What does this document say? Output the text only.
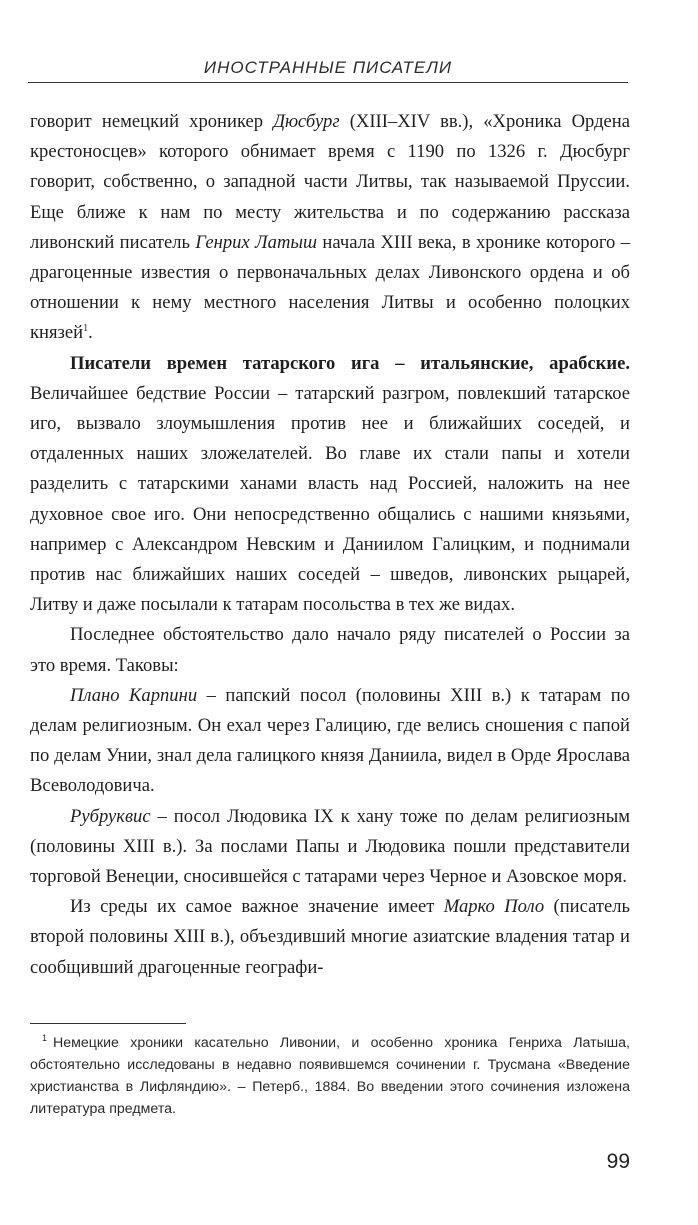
ИНОСТРАННЫЕ ПИСАТЕЛИ

говорит немецкий хроникер Дюсбург (XIII–XIV вв.), «Хроника Ордена крестоносцев» которого обнимает время с 1190 по 1326 г. Дюсбург говорит, собственно, о западной части Литвы, так называемой Пруссии. Еще ближе к нам по месту жительства и по содержанию рассказа ливонский писатель Генрих Латыш начала XIII века, в хронике которого – драгоценные известия о первоначальных делах Ливонского ордена и об отношении к нему местного населения Литвы и особенно полоцких князей$^1$.

Писатели времен татарского ига – итальянские, арабские. Величайшее бедствие России – татарский разгром, повлекший татарское иго, вызвало злоумышления против нее и ближайших соседей, и отдаленных наших зложелателей. Во главе их стали папы и хотели разделить с татарскими ханами власть над Россией, наложить на нее духовное свое иго. Они непосредственно общались с нашими князьями, например с Александром Невским и Даниилом Галицким, и поднимали против нас ближайших наших соседей – шведов, ливонских рыцарей, Литву и даже посылали к татарам посольства в тех же видах.

Последнее обстоятельство дало начало ряду писателей о России за это время. Таковы:

Плано Карпини – папский посол (половины XIII в.) к татарам по делам религиозным. Он ехал через Галицию, где велись сношения с папой по делам Унии, знал дела галицкого князя Даниила, видел в Орде Ярослава Всеволодовича.

Рубруквис – посол Людовика IX к хану тоже по делам религиозным (половины XIII в.). За послами Папы и Людовика пошли представители торговой Венеции, сносившейся с татарами через Черное и Азовское моря.

Из среды их самое важное значение имеет Марко Поло (писатель второй половины XIII в.), объездивший многие азиатские владения татар и сообщивший драгоценные географи-

$^1$ Немецкие хроники касательно Ливонии, и особенно хроника Генриха Латыша, обстоятельно исследованы в недавно появившемся сочинении г. Трусмана «Введение христианства в Лифляндию». – Петерб., 1884. Во введении этого сочинения изложена литература предмета.

99
